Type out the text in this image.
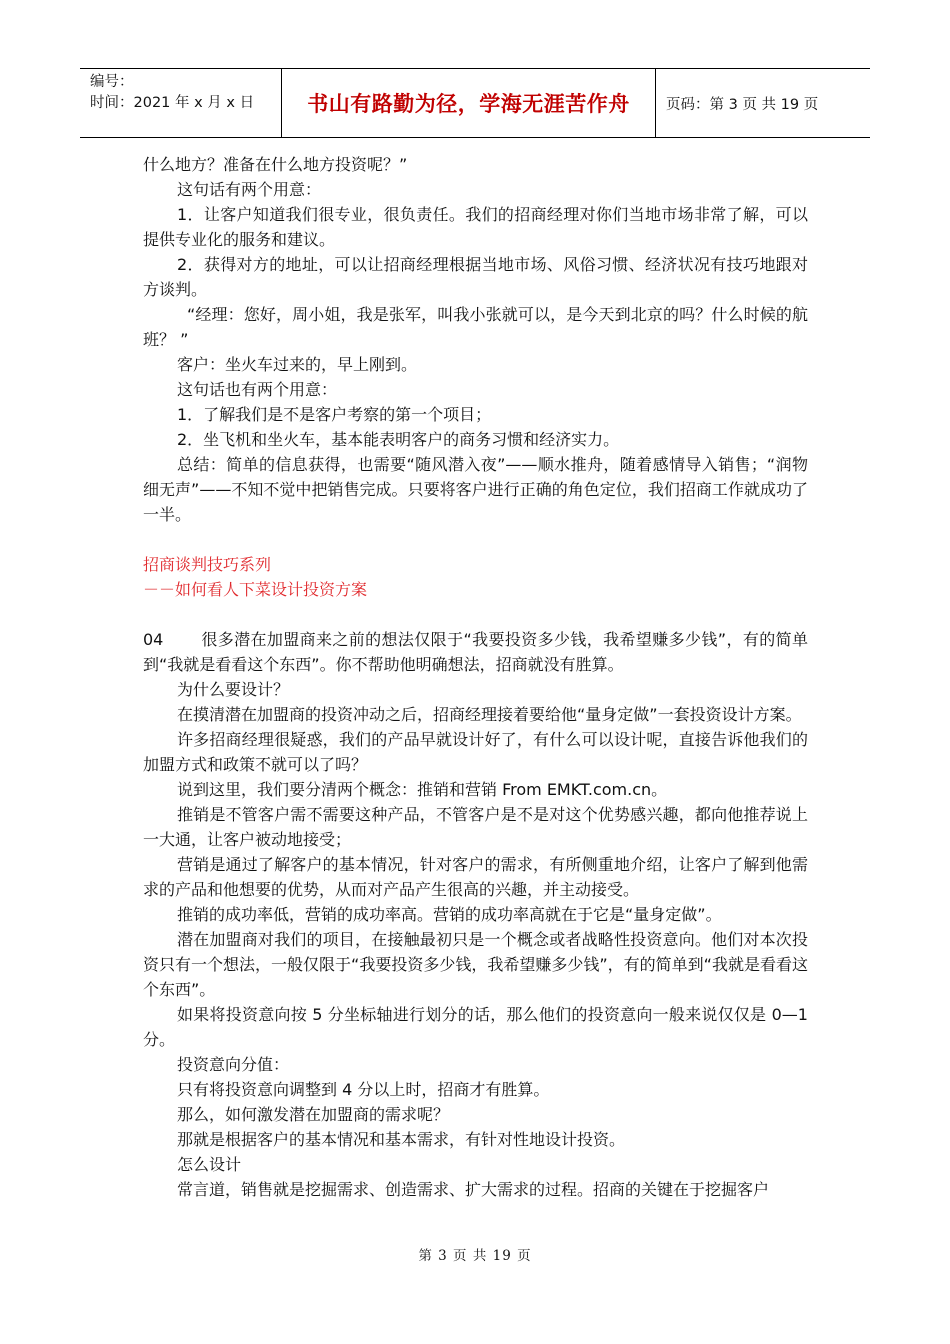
编号：
时间：2021 年 x 月 x 日	书山有路勤为径，学海无涯苦作舟	页码：第 3 页 共 19 页

什么地方？准备在什么地方投资呢？”

这句话有两个用意：

1．让客户知道我们很专业，很负责任。我们的招商经理对你们当地市场非常了解，可以提供专业化的服务和建议。

2．获得对方的地址，可以让招商经理根据当地市场、风俗习惯、经济状况有技巧地跟对方谈判。

“经理：您好，周小姐，我是张军，叫我小张就可以，是今天到北京的吗？什么时候的航班？ ”

客户：坐火车过来的，早上刚到。

这句话也有两个用意：

1．了解我们是不是客户考察的第一个项目；

2．坐飞机和坐火车，基本能表明客户的商务习惯和经济实力。

总结：简单的信息获得，也需要“随风潜入夜”——顺水推舟，随着感情导入销售；“润物细无声”——不知不觉中把销售完成。只要将客户进行正确的角色定位，我们招商工作就成功了一半。

招商谈判技巧系列

－－如何看人下菜设计投资方案

04 很多潜在加盟商来之前的想法仅限于“我要投资多少钱，我希望赚多少钱”，有的简单到“我就是看看这个东西”。你不帮助他明确想法，招商就没有胜算。

为什么要设计？

在摸清潜在加盟商的投资冲动之后，招商经理接着要给他“量身定做”一套投资设计方案。

许多招商经理很疑惑，我们的产品早就设计好了，有什么可以设计呢，直接告诉他我们的加盟方式和政策不就可以了吗？

说到这里，我们要分清两个概念：推销和营销 From EMKT.com.cn。

推销是不管客户需不需要这种产品，不管客户是不是对这个优势感兴趣，都向他推荐说上一大通，让客户被动地接受；

营销是通过了解客户的基本情况，针对客户的需求，有所侧重地介绍，让客户了解到他需求的产品和他想要的优势，从而对产品产生很高的兴趣，并主动接受。

推销的成功率低，营销的成功率高。营销的成功率高就在于它是“量身定做”。

潜在加盟商对我们的项目，在接触最初只是一个概念或者战略性投资意向。他们对本次投资只有一个想法，一般仅限于“我要投资多少钱，我希望赚多少钱”，有的简单到“我就是看看这个东西”。

如果将投资意向按 5 分坐标轴进行划分的话，那么他们的投资意向一般来说仅仅是 0—1 分。

投资意向分值：

只有将投资意向调整到 4 分以上时，招商才有胜算。

那么，如何激发潜在加盟商的需求呢？

那就是根据客户的基本情况和基本需求，有针对性地设计投资。

怎么设计

常言道，销售就是挖掘需求、创造需求、扩大需求的过程。招商的关键在于挖掘客户

第 3 页 共 19 页
